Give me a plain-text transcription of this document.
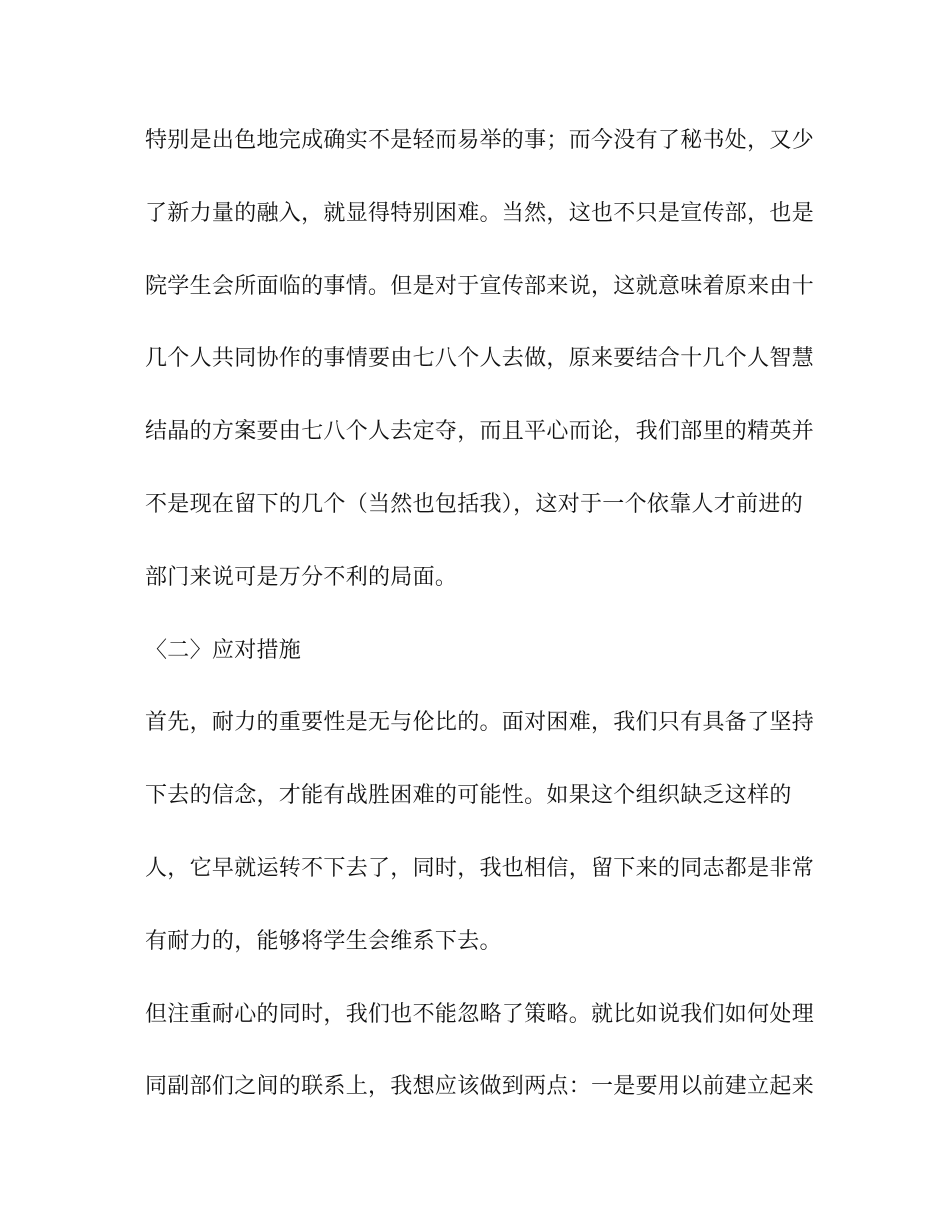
特别是出色地完成确实不是轻而易举的事；而今没有了秘书处，又少
了新力量的融入，就显得特别困难。当然，这也不只是宣传部，也是
院学生会所面临的事情。但是对于宣传部来说，这就意味着原来由十
几个人共同协作的事情要由七八个人去做，原来要结合十几个人智慧
结晶的方案要由七八个人去定夺，而且平心而论，我们部里的精英并
不是现在留下的几个（当然也包括我），这对于一个依靠人才前进的
部门来说可是万分不利的局面。
〈二〉应对措施
首先，耐力的重要性是无与伦比的。面对困难，我们只有具备了坚持
下去的信念，才能有战胜困难的可能性。如果这个组织缺乏这样的
人，它早就运转不下去了，同时，我也相信，留下来的同志都是非常
有耐力的，能够将学生会维系下去。
但注重耐心的同时，我们也不能忽略了策略。就比如说我们如何处理
同副部们之间的联系上，我想应该做到两点：一是要用以前建立起来
